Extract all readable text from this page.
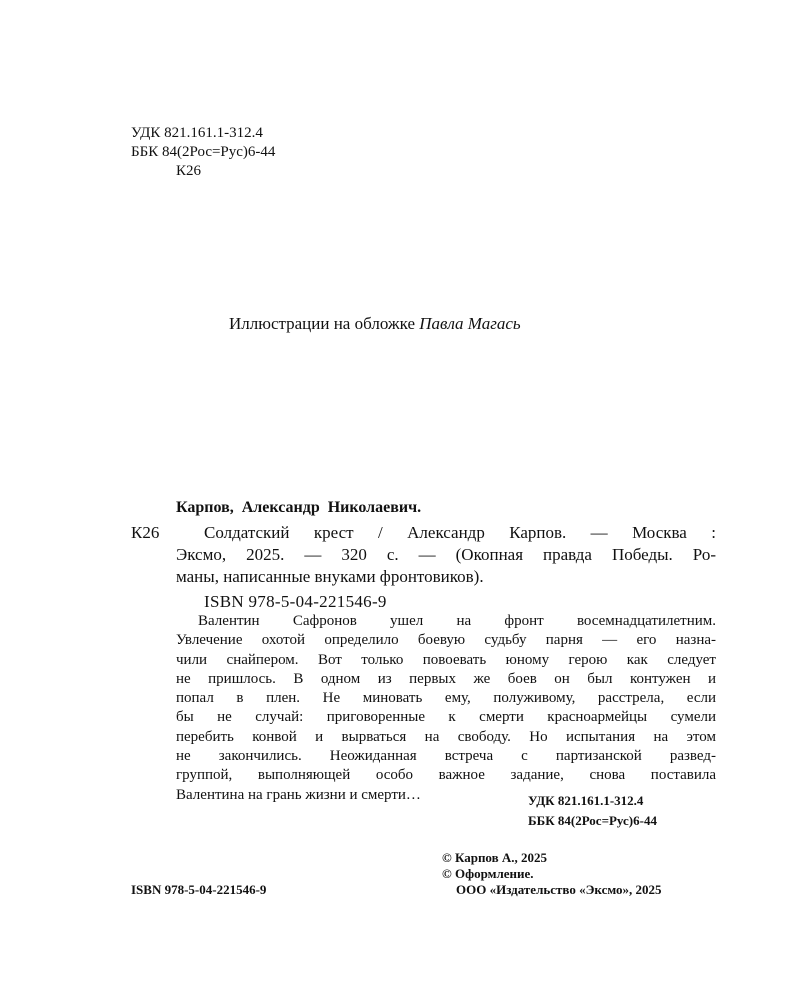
УДК 821.161.1-312.4
ББК 84(2Рос=Рус)6-44
К26
Иллюстрации на обложке Павла Магась
Карпов, Александр Николаевич.
К26	Солдатский крест / Александр Карпов. — Москва :
Эксмо, 2025. — 320 с. — (Окопная правда Победы. Ро-
маны, написанные внуками фронтовиков).
ISBN 978-5-04-221546-9
Валентин Сафронов ушел на фронт восемнадцатилетним.
Увлечение охотой определило боевую судьбу парня — его назна-
чили снайпером. Вот только повоевать юному герою как следует
не пришлось. В одном из первых же боев он был контужен и
попал в плен. Не миновать ему, полуживому, расстрела, если
бы не случай: приговоренные к смерти красноармейцы сумели
перебить конвой и вырваться на свободу. Но испытания на этом
не закончились. Неожиданная встреча с партизанской развед-
группой, выполняющей особо важное задание, снова поставила
Валентина на грань жизни и смерти…	УДК 821.161.1-312.4
ББК 84(2Рос=Рус)6-44
© Карпов А., 2025
© Оформление.
ООО «Издательство «Эксмо», 2025
ISBN 978-5-04-221546-9
